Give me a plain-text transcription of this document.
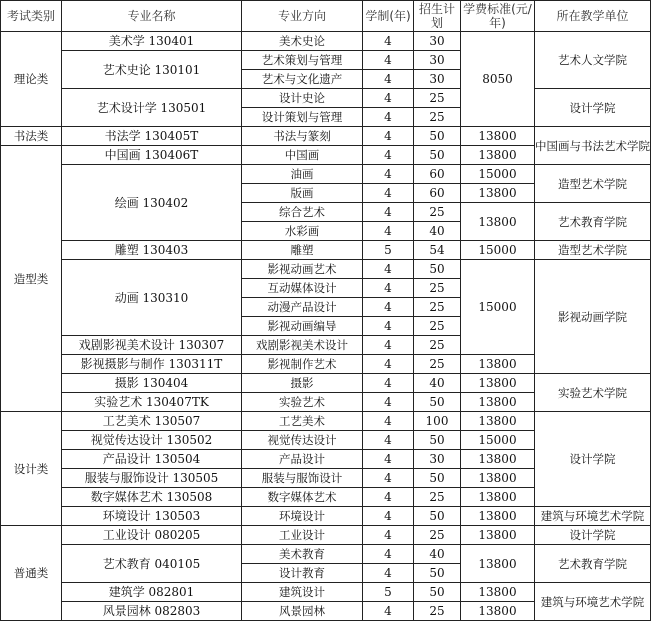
考试类别	专业名称	专业方向	学制(年)	招生计划	学费标准(元/年)	所在教学单位
理论类	美术学 130401	美术史论	4	30	8050	艺术人文学院
	艺术史论 130101	艺术策划与管理	4	30		
		艺术与文化遗产	4	30		
	艺术设计学 130501	设计史论	4	25		设计学院
		设计策划与管理	4	25		
书法类	书法学 130405T	书法与篆刻	4	50	13800	中国画与书法艺术学院
造型类	中国画 130406T	中国画	4	50	13800	
	绘画 130402	油画	4	60	15000	造型艺术学院
		版画	4	60	13800	
		综合艺术	4	25	13800	艺术教育学院
		水彩画	4	40		
	雕塑 130403	雕塑	5	54	15000	造型艺术学院
	动画 130310	影视动画艺术	4	50	15000	影视动画学院
		互动媒体设计	4	25		
		动漫产品设计	4	25		
		影视动画编导	4	25		
	戏剧影视美术设计 130307	戏剧影视美术设计	4	25		
	影视摄影与制作 130311T	影视制作艺术	4	25	13800	
	摄影 130404	摄影	4	40	13800	实验艺术学院
	实验艺术 130407TK	实验艺术	4	50	13800	
设计类	工艺美术 130507	工艺美术	4	100	13800	设计学院
	视觉传达设计 130502	视觉传达设计	4	50	15000	
	产品设计 130504	产品设计	4	30	13800	
	服装与服饰设计 130505	服装与服饰设计	4	50	13800	
	数字媒体艺术 130508	数字媒体艺术	4	25	13800	
	环境设计 130503	环境设计	4	50	13800	建筑与环境艺术学院
普通类	工业设计 080205	工业设计	4	25	13800	设计学院
	艺术教育 040105	美术教育	4	40	13800	艺术教育学院
		设计教育	4	50		
	建筑学 082801	建筑设计	5	50	13800	建筑与环境艺术学院
	风景园林 082803	风景园林	4	25	13800	
